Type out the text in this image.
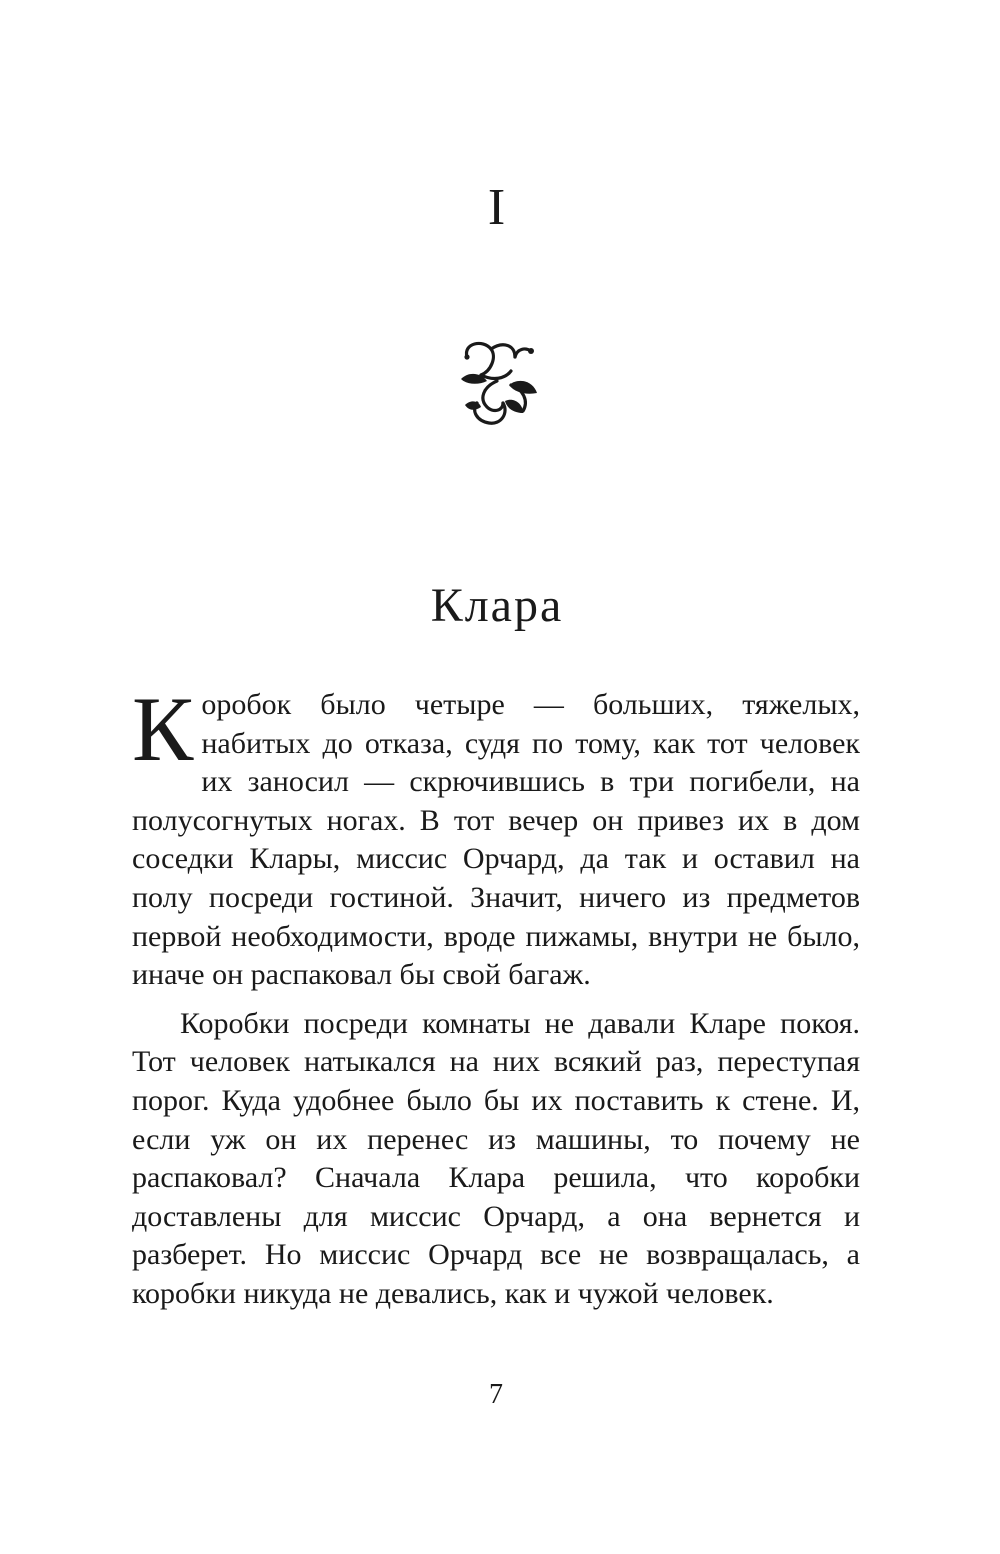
I
Клара

Коробок было четыре — больших, тяжелых, набитых до отказа, судя по тому, как тот человек их заносил — скрючившись в три погибели, на полусогнутых ногах. В тот вечер он привез их в дом соседки Клары, миссис Орчард, да так и оставил на полу посреди гостиной. Значит, ничего из предметов первой необходимости, вроде пижамы, внутри не было, иначе он распаковал бы свой багаж.

Коробки посреди комнаты не давали Кларе покоя. Тот человек натыкался на них всякий раз, переступая порог. Куда удобнее было бы их поставить к стене. И, если уж он их перенес из машины, то почему не распаковал? Сначала Клара решила, что коробки доставлены для миссис Орчард, а она вернется и разберет. Но миссис Орчард все не возвращалась, а коробки никуда не девались, как и чужой человек.

7
